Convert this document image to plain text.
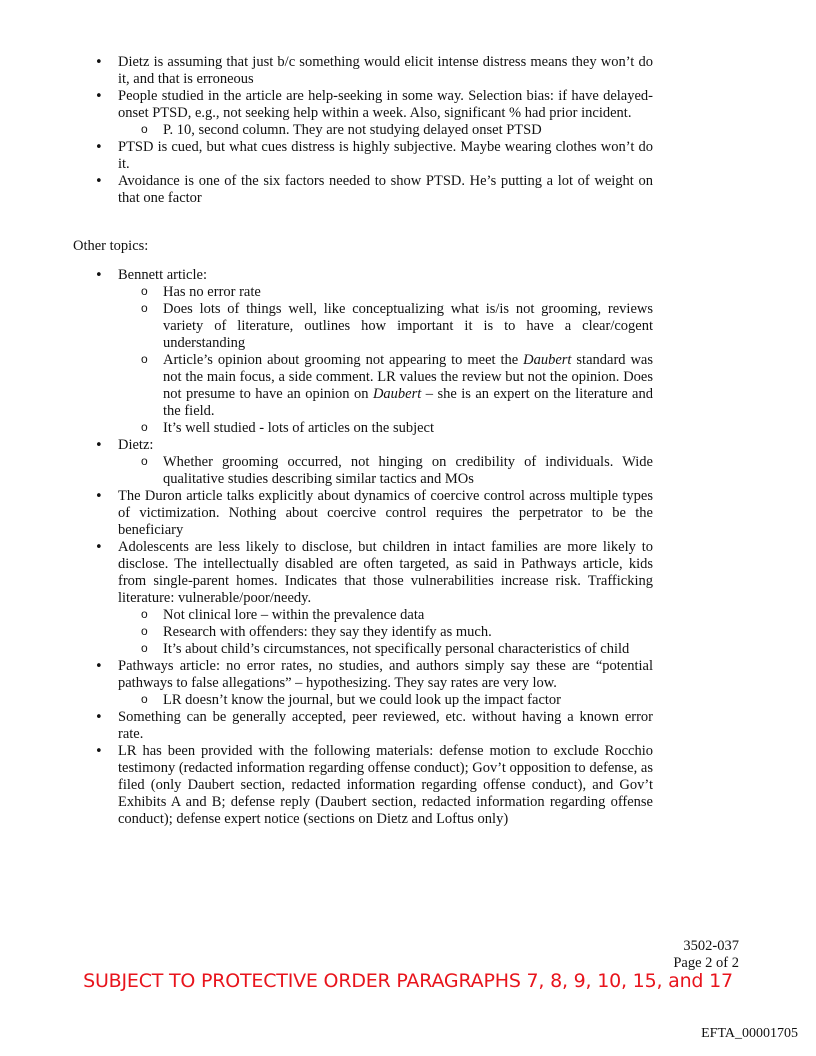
• Dietz is assuming that just b/c something would elicit intense distress means they won’t do it, and that is erroneous
• People studied in the article are help-seeking in some way. Selection bias: if have delayed-onset PTSD, e.g., not seeking help within a week. Also, significant % had prior incident.
o P. 10, second column. They are not studying delayed onset PTSD
• PTSD is cued, but what cues distress is highly subjective. Maybe wearing clothes won’t do it.
• Avoidance is one of the six factors needed to show PTSD. He’s putting a lot of weight on that one factor
Other topics:
• Bennett article:
o Has no error rate
o Does lots of things well, like conceptualizing what is/is not grooming, reviews variety of literature, outlines how important it is to have a clear/cogent understanding
o Article’s opinion about grooming not appearing to meet the Daubert standard was not the main focus, a side comment. LR values the review but not the opinion. Does not presume to have an opinion on Daubert – she is an expert on the literature and the field.
o It’s well studied - lots of articles on the subject
• Dietz:
o Whether grooming occurred, not hinging on credibility of individuals. Wide qualitative studies describing similar tactics and MOs
• The Duron article talks explicitly about dynamics of coercive control across multiple types of victimization. Nothing about coercive control requires the perpetrator to be the beneficiary
• Adolescents are less likely to disclose, but children in intact families are more likely to disclose. The intellectually disabled are often targeted, as said in Pathways article, kids from single-parent homes. Indicates that those vulnerabilities increase risk. Trafficking literature: vulnerable/poor/needy.
o Not clinical lore – within the prevalence data
o Research with offenders: they say they identify as much.
o It’s about child’s circumstances, not specifically personal characteristics of child
• Pathways article: no error rates, no studies, and authors simply say these are “potential pathways to false allegations” – hypothesizing. They say rates are very low.
o LR doesn’t know the journal, but we could look up the impact factor
• Something can be generally accepted, peer reviewed, etc. without having a known error rate.
• LR has been provided with the following materials: defense motion to exclude Rocchio testimony (redacted information regarding offense conduct); Gov’t opposition to defense, as filed (only Daubert section, redacted information regarding offense conduct), and Gov’t Exhibits A and B; defense reply (Daubert section, redacted information regarding offense conduct); defense expert notice (sections on Dietz and Loftus only)
3502-037
Page 2 of 2
SUBJECT TO PROTECTIVE ORDER PARAGRAPHS 7, 8, 9, 10, 15, and 17
EFTA_00001705
